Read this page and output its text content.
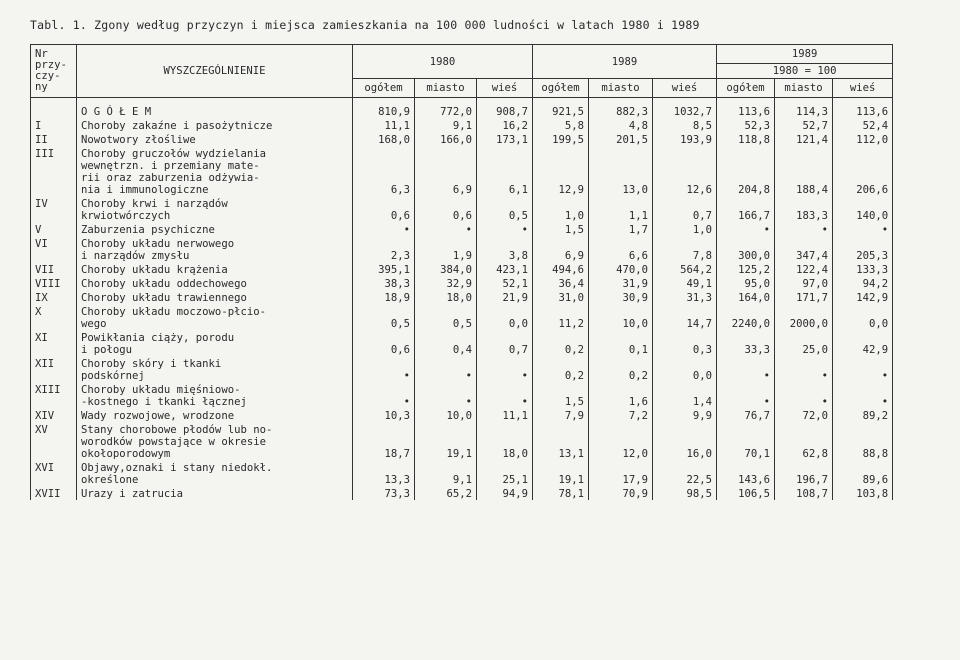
Tabl. 1. Zgony według przyczyn i miejsca zamieszkania na 100 000 ludności w latach 1980 i 1989
Nr
przy-
czy-
ny	WYSZCZEGÓLNIENIE	1980			1989			1989		
								1980 = 100		
		ogółem	miasto	wieś	ogółem	miasto	wieś	ogółem	miasto	wieś
	O G Ó Ł E M	810,9	772,0	908,7	921,5	882,3	1032,7	113,6	114,3	113,6
I	Choroby zakaźne i pasożytnicze	11,1	9,1	16,2	5,8	4,8	8,5	52,3	52,7	52,4
II	Nowotwory złośliwe	168,0	166,0	173,1	199,5	201,5	193,9	118,8	121,4	112,0
III	Choroby gruczołów wydzielania
wewnętrzn. i przemiany mate-
rii oraz zaburzenia odżywia-
nia i immunologiczne	6,3	6,9	6,1	12,9	13,0	12,6	204,8	188,4	206,6
IV	Choroby krwi i narządów
krwiotwórczych	0,6	0,6	0,5	1,0	1,1	0,7	166,7	183,3	140,0
V	Zaburzenia psychiczne	•	•	•	1,5	1,7	1,0	•	•	•
VI	Choroby układu nerwowego
i narządów zmysłu	2,3	1,9	3,8	6,9	6,6	7,8	300,0	347,4	205,3
VII	Choroby układu krążenia	395,1	384,0	423,1	494,6	470,0	564,2	125,2	122,4	133,3
VIII	Choroby układu oddechowego	38,3	32,9	52,1	36,4	31,9	49,1	95,0	97,0	94,2
IX	Choroby układu trawiennego	18,9	18,0	21,9	31,0	30,9	31,3	164,0	171,7	142,9
X	Choroby układu moczowo-płcio-
wego	0,5	0,5	0,0	11,2	10,0	14,7	2240,0	2000,0	0,0
XI	Powikłania ciąży, porodu
i połogu	0,6	0,4	0,7	0,2	0,1	0,3	33,3	25,0	42,9
XII	Choroby skóry i tkanki
podskórnej	•	•	•	0,2	0,2	0,0	•	•	•
XIII	Choroby układu mięśniowo-
-kostnego i tkanki łącznej	•	•	•	1,5	1,6	1,4	•	•	•
XIV	Wady rozwojowe, wrodzone	10,3	10,0	11,1	7,9	7,2	9,9	76,7	72,0	89,2
XV	Stany chorobowe płodów lub no-
worodków powstające w okresie
okołoporodowym	18,7	19,1	18,0	13,1	12,0	16,0	70,1	62,8	88,8
XVI	Objawy,oznaki i stany niedokł.
określone	13,3	9,1	25,1	19,1	17,9	22,5	143,6	196,7	89,6
XVII	Urazy i zatrucia	73,3	65,2	94,9	78,1	70,9	98,5	106,5	108,7	103,8
